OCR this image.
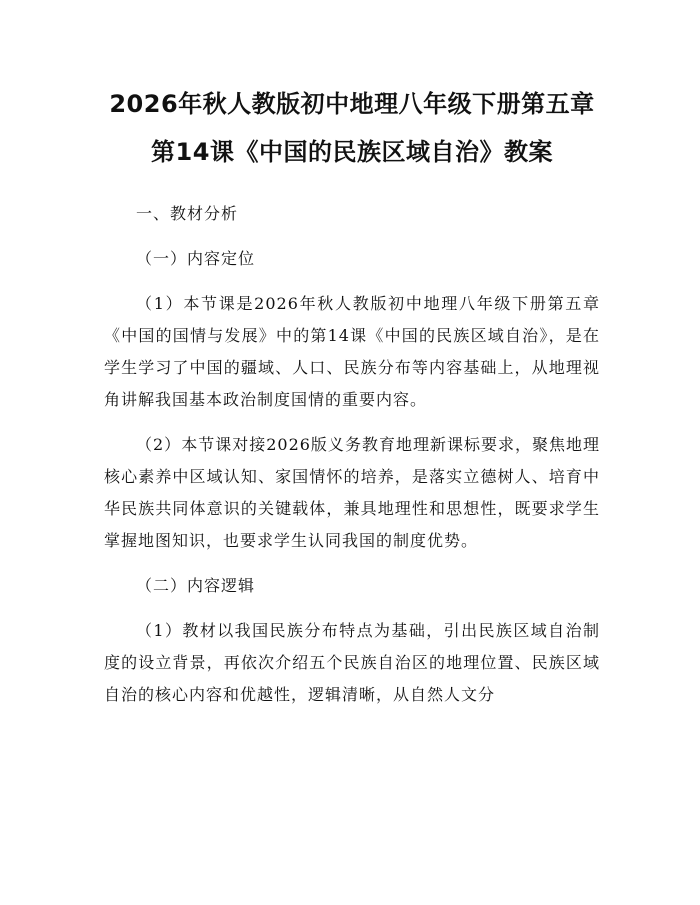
2026年秋人教版初中地理八年级下册第五章
第14课《中国的民族区域自治》教案

一、教材分析

（一）内容定位

（1）本节课是2026年秋人教版初中地理八年级下册第五章《中国的国情与发展》中的第14课《中国的民族区域自治》，是在学生学习了中国的疆域、人口、民族分布等内容基础上，从地理视角讲解我国基本政治制度国情的重要内容。

（2）本节课对接2026版义务教育地理新课标要求，聚焦地理核心素养中区域认知、家国情怀的培养，是落实立德树人、培育中华民族共同体意识的关键载体，兼具地理性和思想性，既要求学生掌握地图知识，也要求学生认同我国的制度优势。

（二）内容逻辑

（1）教材以我国民族分布特点为基础，引出民族区域自治制度的设立背景，再依次介绍五个民族自治区的地理位置、民族区域自治的核心内容和优越性，逻辑清晰，从自然人文分
